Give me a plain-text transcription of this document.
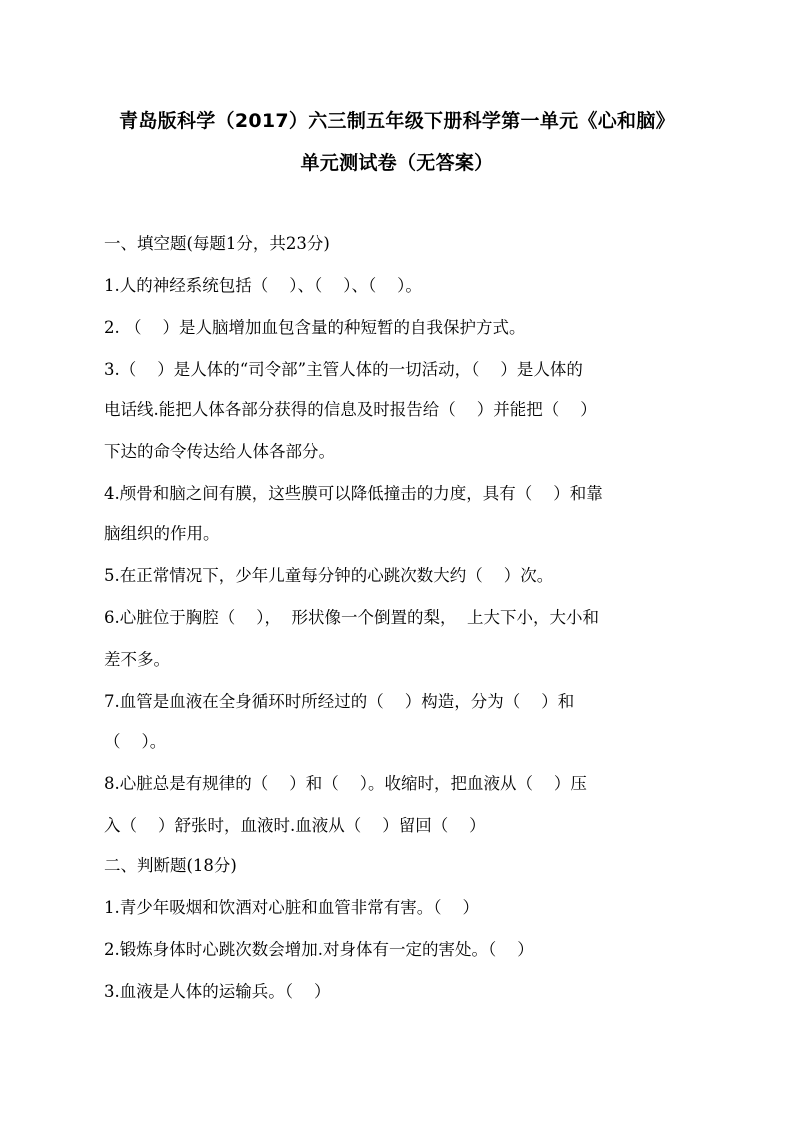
青岛版科学（2017）六三制五年级下册科学第一单元《心和脑》
单元测试卷（无答案）
一、填空题(每题1分，共23分)
1.人的神经系统包括（    ）、（    ）、（    ）。
2. （    ）是人脑增加血包含量的种短暂的自我保护方式。
3.（    ）是人体的“司令部”主管人体的一切活动，（    ）是人体的
电话线.能把人体各部分获得的信息及时报告给（    ）并能把（    ）
下达的命令传达给人体各部分。
4.颅骨和脑之间有膜，这些膜可以降低撞击的力度，具有（    ）和靠
脑组织的作用。
5.在正常情况下，少年儿童每分钟的心跳次数大约（    ）次。
6.心脏位于胸腔（    ），  形状像一个倒置的梨，  上大下小，大小和
差不多。
7.血管是血液在全身循环时所经过的（    ）构造，分为（    ）和
（    ）。
8.心脏总是有规律的（    ）和（    ）。收缩时，把血液从（    ）压
入（    ）舒张时，血液时.血液从（    ）留回（    ）
二、判断题(18分)
1.青少年吸烟和饮酒对心脏和血管非常有害。（    ）
2.锻炼身体时心跳次数会增加.对身体有一定的害处。（    ）
3.血液是人体的运输兵。（    ）
